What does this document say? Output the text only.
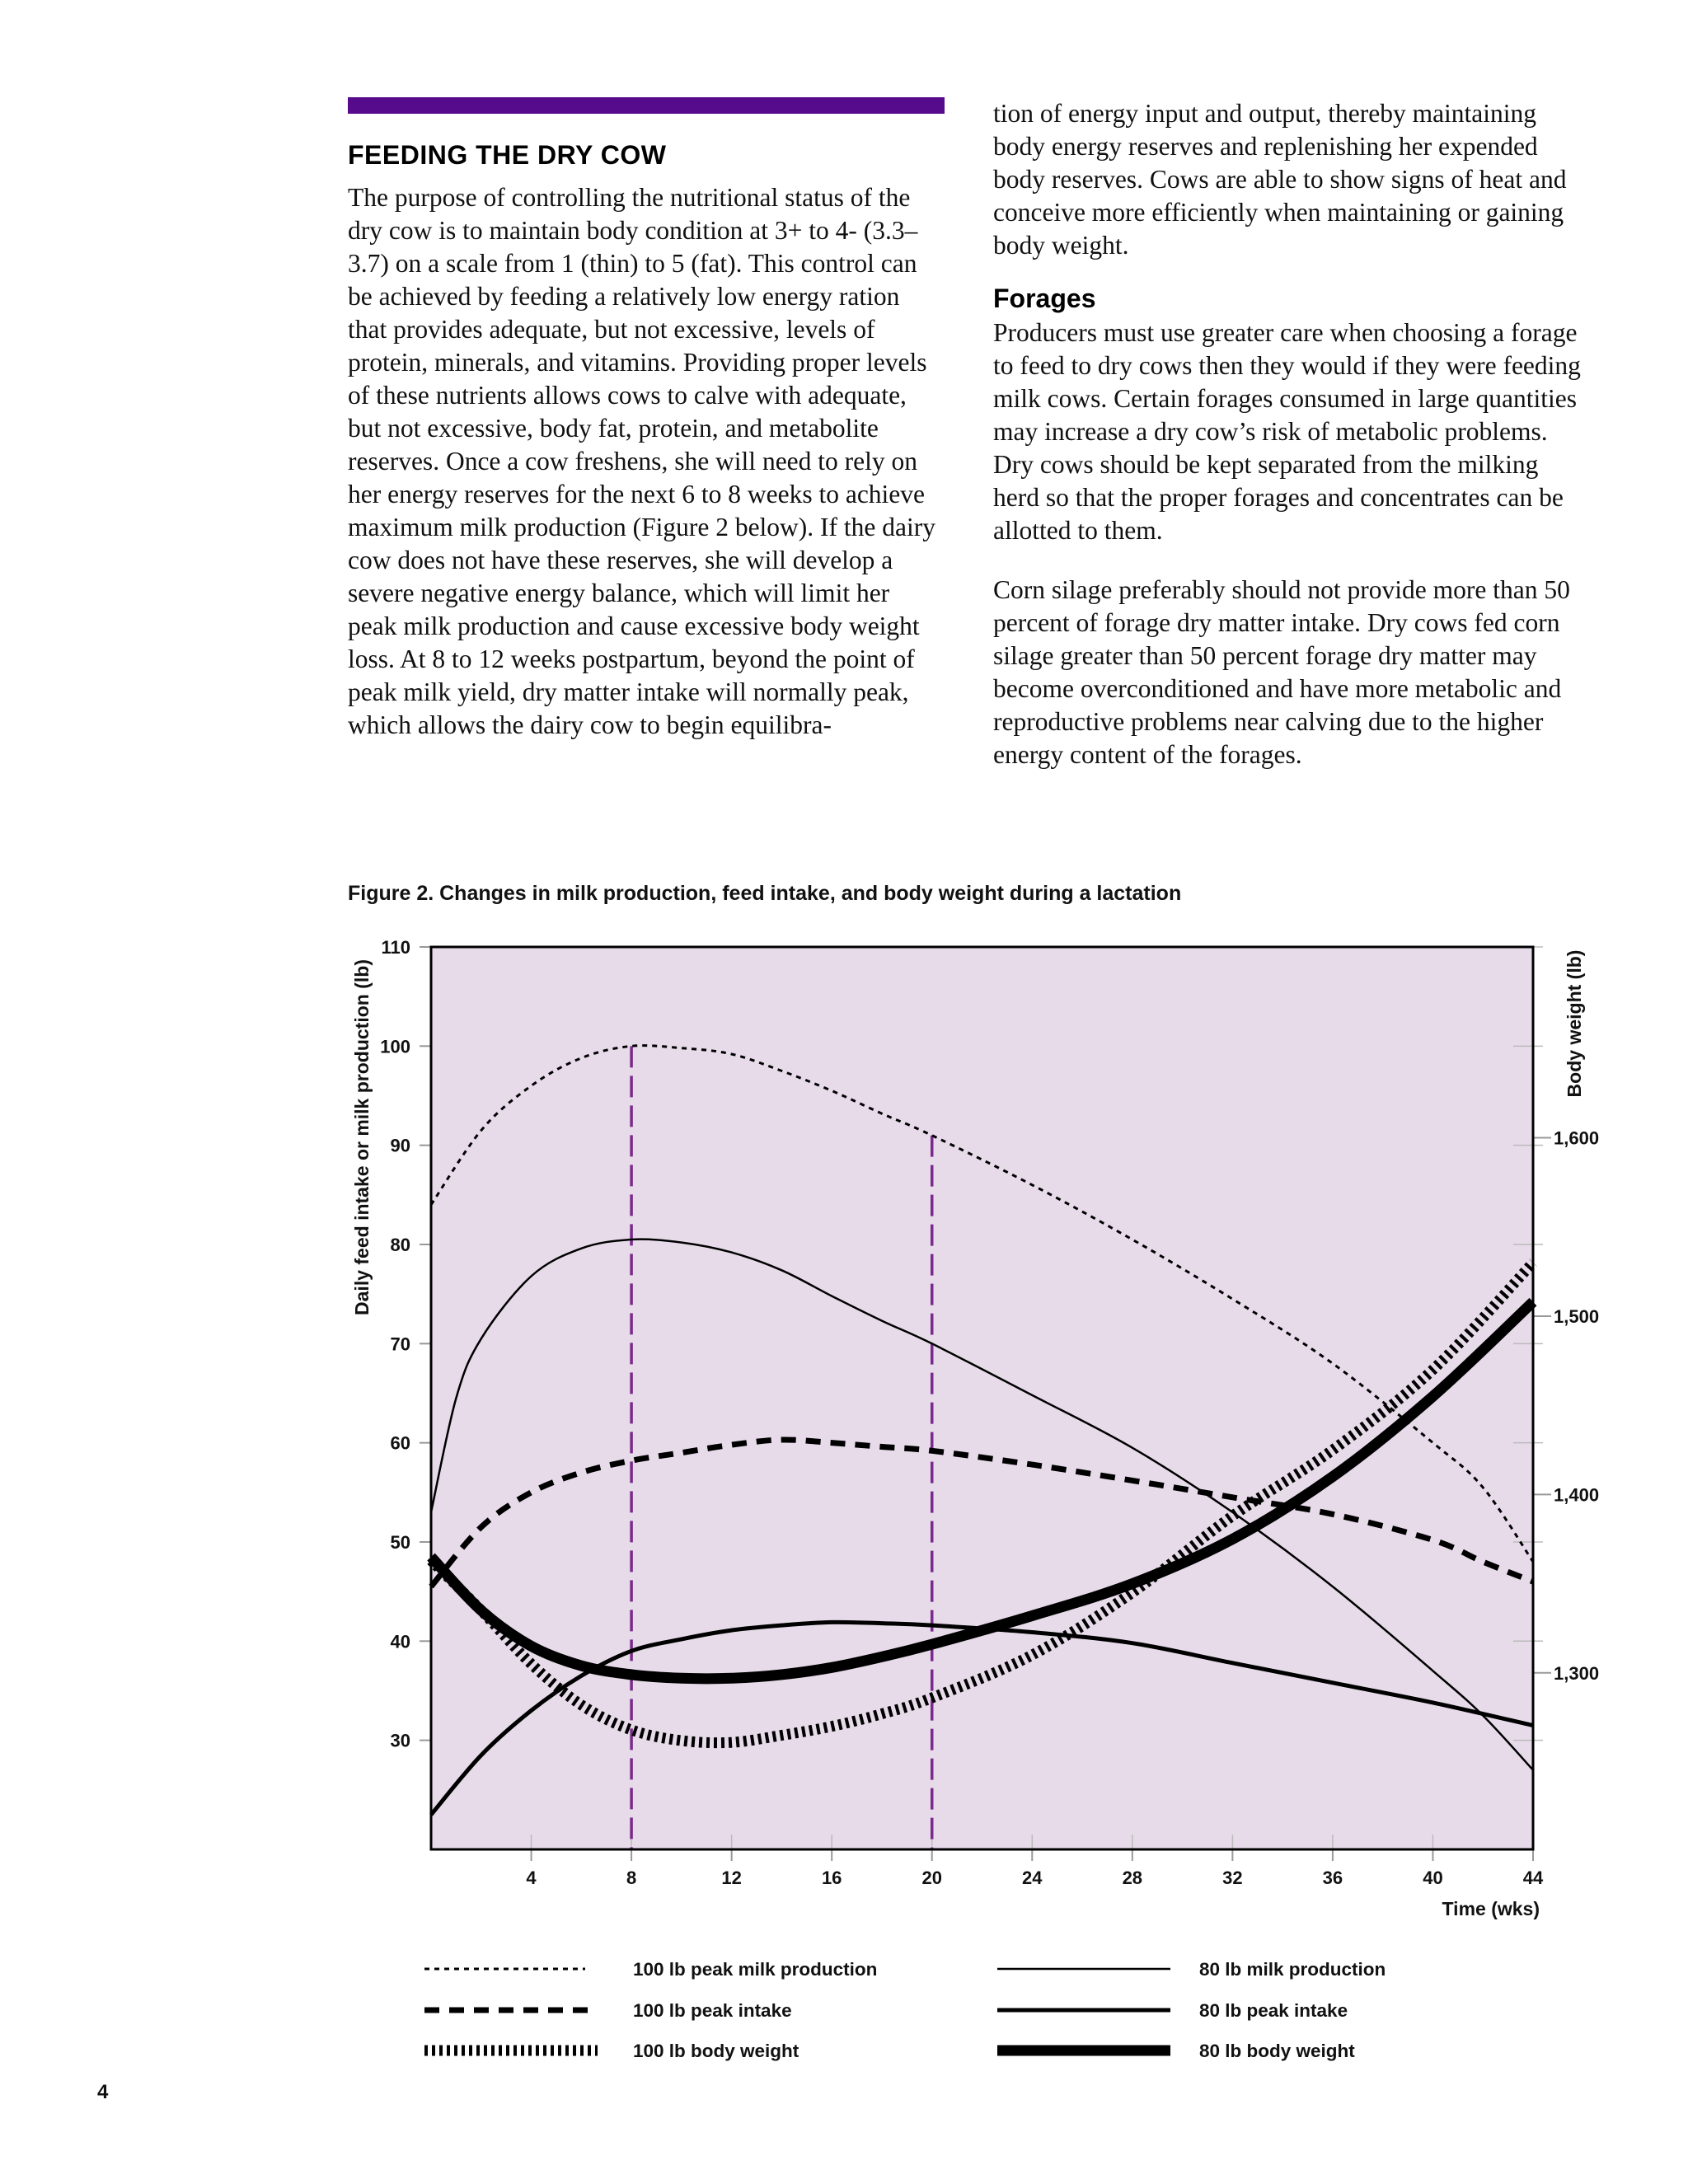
FEEDING THE DRY COW

The purpose of controlling the nutritional status of the dry cow is to maintain body condition at 3+ to 4- (3.3–3.7) on a scale from 1 (thin) to 5 (fat). This control can be achieved by feeding a relatively low energy ration that provides adequate, but not excessive, levels of protein, minerals, and vitamins. Providing proper levels of these nutrients allows cows to calve with adequate, but not excessive, body fat, protein, and metabolite reserves. Once a cow freshens, she will need to rely on her energy reserves for the next 6 to 8 weeks to achieve maximum milk production (Figure 2 below). If the dairy cow does not have these reserves, she will develop a severe negative energy balance, which will limit her peak milk production and cause excessive body weight loss. At 8 to 12 weeks postpartum, beyond the point of peak milk yield, dry matter intake will normally peak, which allows the dairy cow to begin equilibra-

tion of energy input and output, thereby maintaining body energy reserves and replenishing her expended body reserves. Cows are able to show signs of heat and conceive more efficiently when maintaining or gaining body weight.

Forages

Producers must use greater care when choosing a forage to feed to dry cows then they would if they were feeding milk cows. Certain forages consumed in large quantities may increase a dry cow’s risk of metabolic problems. Dry cows should be kept separated from the milking herd so that the proper forages and concentrates can be allotted to them.

Corn silage preferably should not provide more than 50 percent of forage dry matter intake. Dry cows fed corn silage greater than 50 percent forage dry matter may become overconditioned and have more metabolic and reproductive problems near calving due to the higher energy content of the forages.

Figure 2. Changes in milk production, feed intake, and body weight during a lactation
30
40
50
60
70
80
90
100
110
1,300
1,400
1,500
1,600
4	8	12	16	20	24	28	32	36	40	44
Time (wks)
Daily feed intake or milk production (lb)	Body weight (lb)
100 lb peak milk production
100 lb peak intake
100 lb body weight
80 lb milk production
80 lb peak intake
80 lb body weight
4
